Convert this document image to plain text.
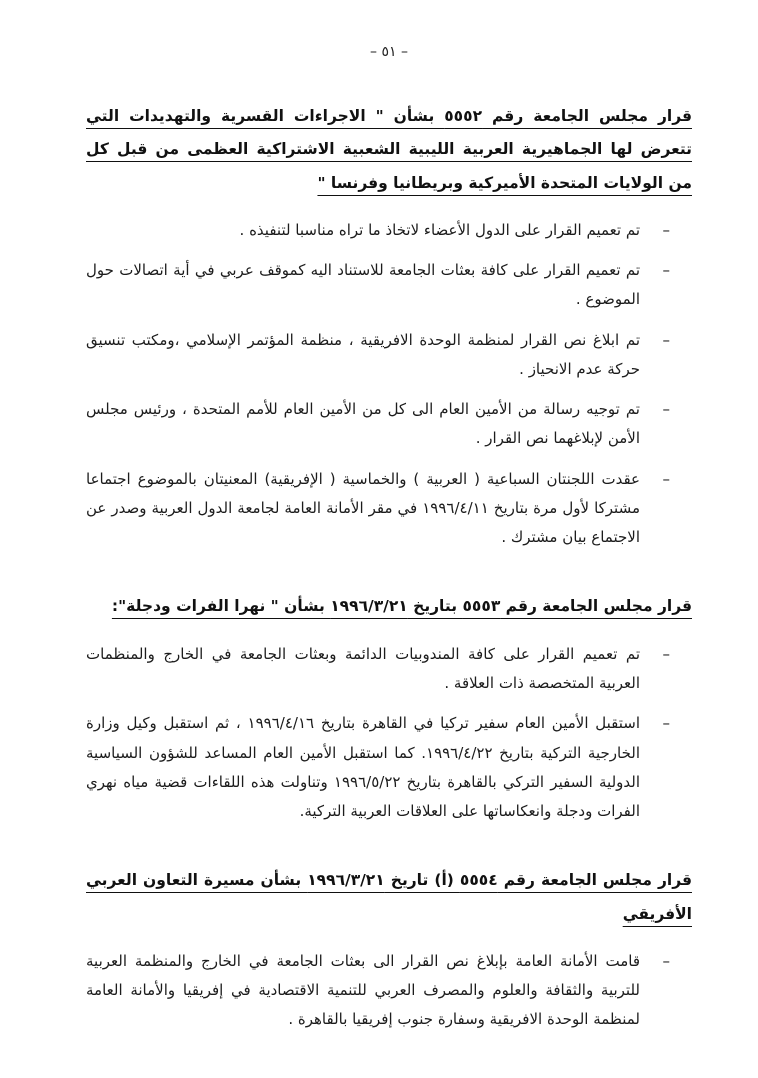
– ٥١ –
قرار مجلس الجامعة رقم ٥٥٥٢ بشأن " الاجراءات القسرية والتهديدات التي تتعرض لها الجماهيرية العربية الليبية الشعبية الاشتراكية العظمى من قبل كل من الولايات المتحدة الأميركية وبريطانيا وفرنسا "
–

تم تعميم القرار على الدول الأعضاء لاتخاذ ما تراه مناسبا لتنفيذه .

–

تم تعميم القرار على كافة بعثات الجامعة للاستناد اليه كموقف عربي في أية اتصالات حول الموضوع .

–

تم ابلاغ نص القرار لمنظمة الوحدة الافريقية ، منظمة المؤتمر الإسلامي ،ومكتب تنسيق حركة عدم الانحياز .

–

تم توجيه رسالة من الأمين العام الى كل من الأمين العام للأمم المتحدة ، ورئيس مجلس الأمن لإبلاغهما نص القرار .

–

عقدت اللجنتان السباعية ( العربية ) والخماسية ( الإفريقية) المعنيتان بالموضوع اجتماعا مشتركا لأول مرة بتاريخ ١٩٩٦/٤/١١ في مقر الأمانة العامة لجامعة الدول العربية وصدر عن الاجتماع بيان مشترك .

قرار مجلس الجامعة رقم ٥٥٥٣ بتاريخ ١٩٩٦/٣/٢١ بشأن " نهرا الفرات ودجلة":
–

تم تعميم القرار على كافة المندوبيات الدائمة وبعثات الجامعة في الخارج والمنظمات العربية المتخصصة ذات العلاقة .

–

استقبل الأمين العام سفير تركيا في القاهرة بتاريخ ١٩٩٦/٤/١٦ ، ثم استقبل وكيل وزارة الخارجية التركية بتاريخ ١٩٩٦/٤/٢٢. كما استقبل الأمين العام المساعد للشؤون السياسية الدولية السفير التركي بالقاهرة بتاريخ ١٩٩٦/٥/٢٢ وتناولت هذه اللقاءات قضية مياه نهري الفرات ودجلة وانعكاساتها على العلاقات العربية التركية.

قرار مجلس الجامعة رقم ٥٥٥٤ (أ) تاريخ ١٩٩٦/٣/٢١ بشأن مسيرة التعاون العربي الأفريقي
–

قامت الأمانة العامة بإبلاغ نص القرار الى بعثات الجامعة في الخارج والمنظمة العربية للتربية والثقافة والعلوم والمصرف العربي للتنمية الاقتصادية في إفريقيا والأمانة العامة لمنظمة الوحدة الافريقية وسفارة جنوب إفريقيا بالقاهرة .
